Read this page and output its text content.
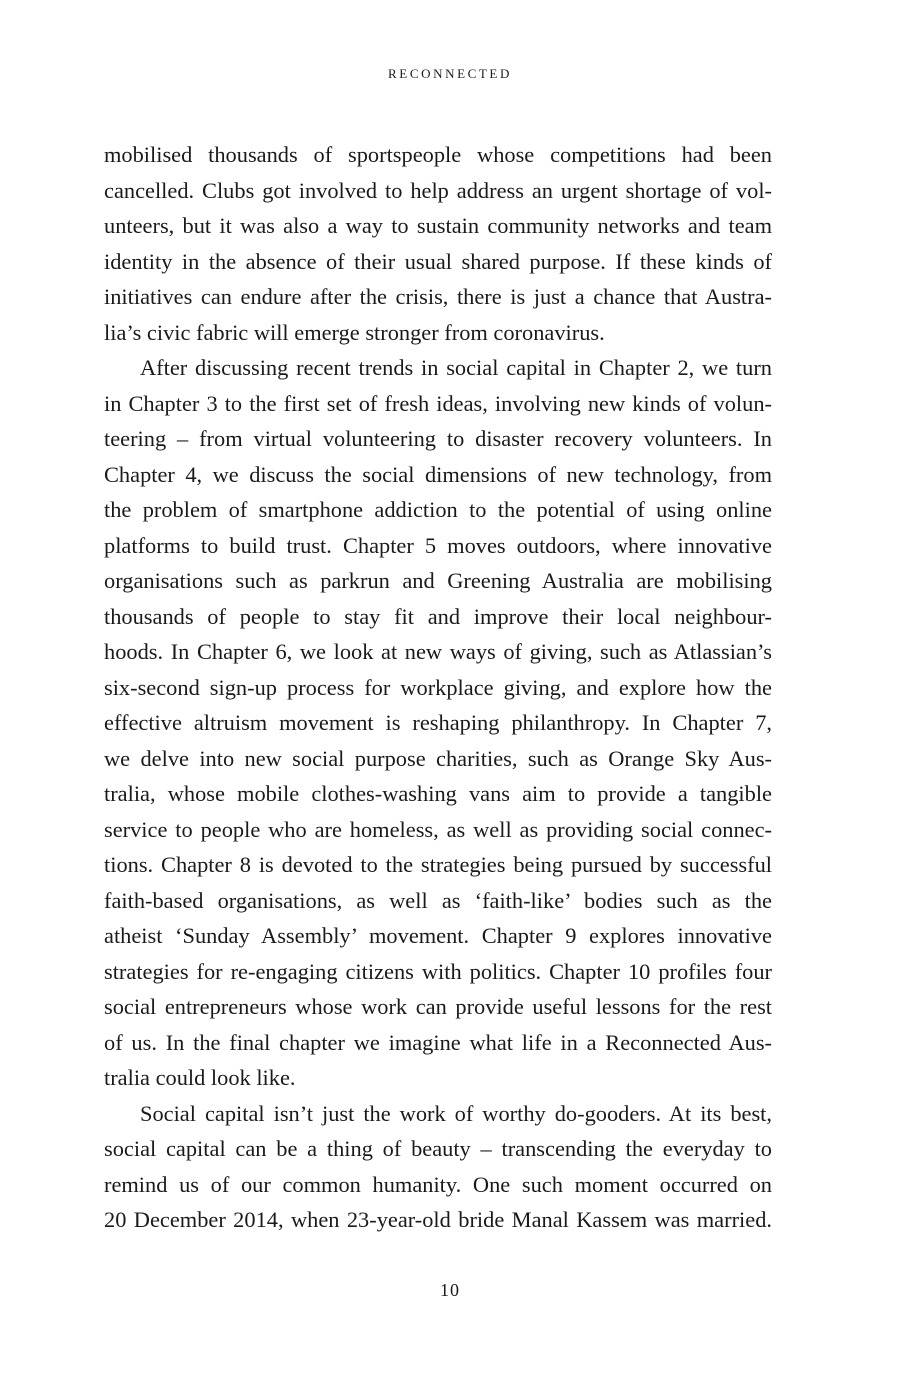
RECONNECTED
mobilised thousands of sportspeople whose competitions had been
cancelled. Clubs got involved to help address an urgent shortage of vol-
unteers, but it was also a way to sustain community networks and team
identity in the absence of their usual shared purpose. If these kinds of
initiatives can endure after the crisis, there is just a chance that Austra-
lia’s civic fabric will emerge stronger from coronavirus.
After discussing recent trends in social capital in Chapter 2, we turn
in Chapter 3 to the first set of fresh ideas, involving new kinds of volun-
teering – from virtual volunteering to disaster recovery volunteers. In
Chapter 4, we discuss the social dimensions of new technology, from
the problem of smartphone addiction to the potential of using online
platforms to build trust. Chapter 5 moves outdoors, where innovative
organisations such as parkrun and Greening Australia are mobilising
thousands of people to stay fit and improve their local neighbour-
hoods. In Chapter 6, we look at new ways of giving, such as Atlassian’s
six-second sign-up process for workplace giving, and explore how the
effective altruism movement is reshaping philanthropy. In Chapter 7,
we delve into new social purpose charities, such as Orange Sky Aus-
tralia, whose mobile clothes-washing vans aim to provide a tangible
service to people who are homeless, as well as providing social connec-
tions. Chapter 8 is devoted to the strategies being pursued by successful
faith-based organisations, as well as ‘faith-like’ bodies such as the
atheist ‘Sunday Assembly’ movement. Chapter 9 explores innovative
strategies for re-engaging citizens with politics. Chapter 10 profiles four
social entrepreneurs whose work can provide useful lessons for the rest
of us. In the final chapter we imagine what life in a Reconnected Aus-
tralia could look like.
Social capital isn’t just the work of worthy do-gooders. At its best,
social capital can be a thing of beauty – transcending the everyday to
remind us of our common humanity. One such moment occurred on
20 December 2014, when 23-year-old bride Manal Kassem was married.
10
